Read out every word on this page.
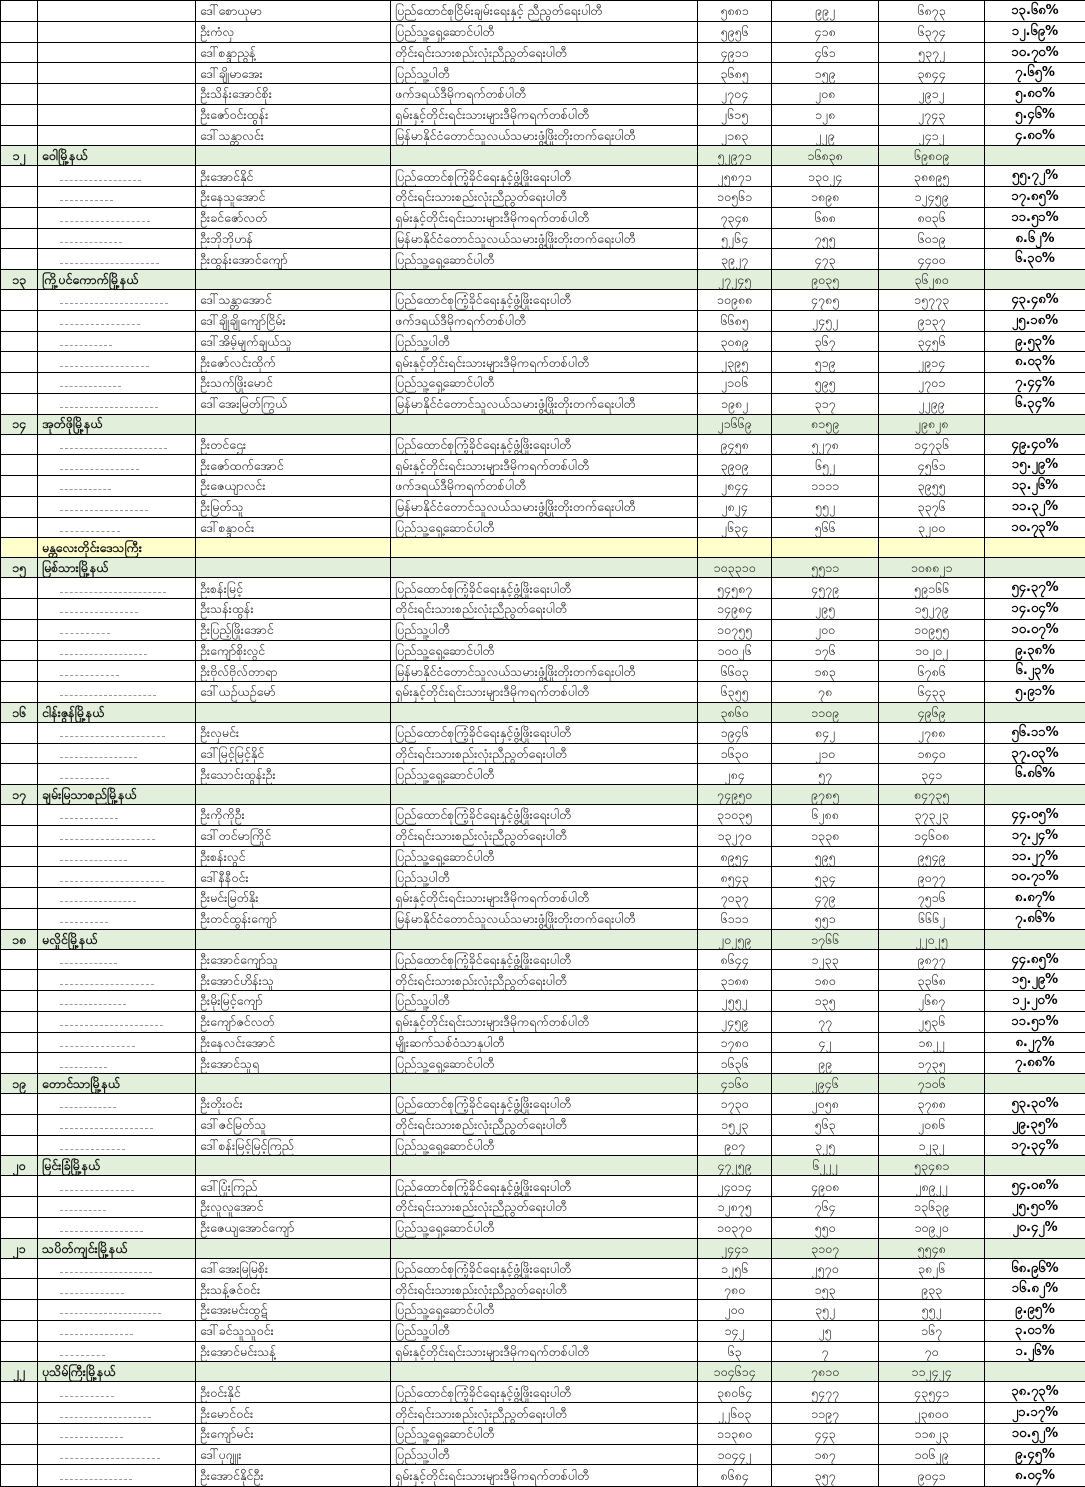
		ဒေါ်စောယုမာ	ပြည်ထောင်စုငြိမ်းချမ်းရေးနှင့် ညီညွတ်ရေးပါတီ	၅၈၈၁	၉၉၂	၆၈၇၃	၁၃.၆၈%
		ဦးကံလှ	ပြည်သူ့ရှေ့ဆောင်ပါတီ	၅၉၅၆	၄၁၈	၆၃၇၄	၁၂.၆၉%
		ဒေါ်စန္ဒာညွန့်	တိုင်းရင်းသားစည်းလုံးညီညွတ်ရေးပါတီ	၄၉၁၁	၄၆၁	၅၃၇၂	၁၀.၇၀%
		ဒေါ်ချိုမာအေး	ပြည်သူ့ပါတီ	၃၆၈၅	၁၅၉	၃၈၄၄	၇.၆၅%
		ဦးသိန်းအောင်စိုး	ဖက်ဒရယ်ဒီမိုကရက်တစ်ပါတီ	၂၇၀၄	၂၀၈	၂၉၁၂	၅.၈၀%
		ဦးဇော်ဝင်းထွန်း	ရှမ်းနှင့်တိုင်းရင်းသားများဒီမိုကရက်တစ်ပါတီ	၂၆၁၅	၁၂၈	၂၇၄၃	၅.၄၆%
		ဒေါ်သန္တာလင်း	မြန်မာနိုင်ငံတောင်သူလယ်သမားဖွံ့ဖြိုးတိုးတက်ရေးပါတီ	၂၁၈၃	၂၂၉	၂၄၁၂	၄.၈၀%
၁၂	ဝေါမြို့နယ်			၅၂၉၇၁	၁၆၈၃၈	၆၉၈၀၉	
		ဦးအောင်နိုင်	ပြည်ထောင်စုကြံ့ခိုင်ရေးနှင့်ဖွံ့ဖြိုးရေးပါတီ	၂၅၈၇၁	၁၃၀၂၄	၃၈၈၉၅	၅၅.၇၂%
		ဦးနေသူအောင်	တိုင်းရင်းသားစည်းလုံးညီညွတ်ရေးပါတီ	၁၀၅၆၁	၁၈၉၈	၁၂၄၅၉	၁၇.၈၅%
		ဦးခင်ဇော်လတ်	ရှမ်းနှင့်တိုင်းရင်းသားများဒီမိုကရက်တစ်ပါတီ	၇၃၄၈	၆၈၈	၈၀၃၆	၁၁.၅၁%
		ဦးဘိုဘိုဟန်	မြန်မာနိုင်ငံတောင်သူလယ်သမားဖွံ့ဖြိုးတိုးတက်ရေးပါတီ	၅၂၆၄	၇၅၅	၆၀၁၉	၈.၆၂%
		ဦးထွန်းအောင်ကျော်	ပြည်သူ့ရှေ့ဆောင်ပါတီ	၃၉၂၇	၄၇၃	၄၄၀၀	၆.၃၀%
၁၃	ကြို့ပင်ကောက်မြို့နယ်			၂၇၂၄၅	၉၀၃၅	၃၆၂၈၀	
		ဒေါ်သန္တာအောင်	ပြည်ထောင်စုကြံ့ခိုင်ရေးနှင့်ဖွံ့ဖြိုးရေးပါတီ	၁၀၉၈၈	၄၇၈၅	၁၅၇၇၃	၄၃.၄၈%
		ဒေါ်ချိုချိုကျော်ငြိမ်း	ဖက်ဒရယ်ဒီမိုကရက်တစ်ပါတီ	၆၆၈၅	၂၄၅၂	၉၁၃၇	၂၅.၁၈%
		ဒေါ်အိမ့်မျက်ချယ်သူ	ပြည်သူ့ပါတီ	၃၀၈၉	၃၆၇	၃၄၅၆	၉.၅၃%
		ဦးဇော်လင်းထိုက်	ရှမ်းနှင့်တိုင်းရင်းသားများဒီမိုကရက်တစ်ပါတီ	၂၃၉၅	၅၁၉	၂၉၁၄	၈.၀၃%
		ဦးသက်ဖြိုးမောင်	ပြည်သူ့ရှေ့ဆောင်ပါတီ	၂၁၀၆	၅၉၅	၂၇၀၁	၇.၄၄%
		ဒေါ်အေးမြတ်ကြွယ်	မြန်မာနိုင်ငံတောင်သူလယ်သမားဖွံ့ဖြိုးတိုးတက်ရေးပါတီ	၁၉၈၂	၃၁၇	၂၂၉၉	၆.၃၄%
၁၄	အုတ်ဖိုမြို့နယ်			၂၁၆၆၉	၈၁၅၉	၂၉၈၂၈	
		ဦးတင်ဌေး	ပြည်ထောင်စုကြံ့ခိုင်ရေးနှင့်ဖွံ့ဖြိုးရေးပါတီ	၉၄၅၈	၅၂၇၈	၁၄၇၃၆	၄၉.၄၀%
		ဦးဇော်ထက်အောင်	ရှမ်းနှင့်တိုင်းရင်းသားများဒီမိုကရက်တစ်ပါတီ	၃၉၀၉	၆၅၂	၄၅၆၁	၁၅.၂၉%
		ဦးဇေယျာလင်း	ဖက်ဒရယ်ဒီမိုကရက်တစ်ပါတီ	၂၈၄၄	၁၁၁၁	၃၉၅၅	၁၃.၂၆%
		ဦးမြတ်သူ	မြန်မာနိုင်ငံတောင်သူလယ်သမားဖွံ့ဖြိုးတိုးတက်ရေးပါတီ	၂၈၂၄	၅၅၂	၃၃၇၆	၁၁.၃၂%
		ဒေါ်စန္ဒာဝင်း	ပြည်သူ့ရှေ့ဆောင်ပါတီ	၂၆၃၄	၅၆၆	၃၂၀၀	၁၀.၇၃%
	မန္တလေးတိုင်းဒေသကြီး						
၁၅	မြစ်သားမြို့နယ်			၁၀၃၃၁၀	၅၅၁၁	၁၀၈၈၂၁	
		ဦးစန်းမြင့်	ပြည်ထောင်စုကြံ့ခိုင်ရေးနှင့်ဖွံ့ဖြိုးရေးပါတီ	၅၄၅၈၇	၄၅၇၉	၅၉၁၆၆	၅၄.၃၇%
		ဦးသန်းထွန်း	တိုင်းရင်းသားစည်းလုံးညီညွတ်ရေးပါတီ	၁၄၉၈၄	၂၉၅	၁၅၂၇၉	၁၄.၀၄%
		ဦးပြည့်ဖြိုးအောင်	ပြည်သူ့ပါတီ	၁၀၇၅၅	၂၀၀	၁၀၉၅၅	၁၀.၀၇%
		ဦးကျော်စိုးလွင်	ပြည်သူ့ရှေ့ဆောင်ပါတီ	၁၀၀၂၆	၁၇၆	၁၀၂၀၂	၉.၃၈%
		ဦးဗိုလ်ဗိုလ်တာရာ	မြန်မာနိုင်ငံတောင်သူလယ်သမားဖွံ့ဖြိုးတိုးတက်ရေးပါတီ	၆၆၀၃	၁၈၃	၆၇၈၆	၆.၂၃%
		ဒေါ်ယဉ်ယဉ်မော်	ရှမ်းနှင့်တိုင်းရင်းသားများဒီမိုကရက်တစ်ပါတီ	၆၃၅၅	၇၈	၆၄၃၃	၅.၉၁%
၁၆	ငါန်းဇွန်မြို့နယ်			၃၈၆၀	၁၁၀၉	၄၉၆၉	
		ဦးလှမင်း	ပြည်ထောင်စုကြံ့ခိုင်ရေးနှင့်ဖွံ့ဖြိုးရေးပါတီ	၁၉၄၆	၈၄၂	၂၇၈၈	၅၆.၁၁%
		ဒေါ်မြင့်မြင့်နိုင်	တိုင်းရင်းသားစည်းလုံးညီညွတ်ရေးပါတီ	၁၆၃၀	၂၁၀	၁၈၄၀	၃၇.၀၃%
		ဦးသောင်းထွန်းဦး	ပြည်သူ့ရှေ့ဆောင်ပါတီ	၂၈၄	၅၇	၃၄၁	၆.၈၆%
၁၇	ချမ်းမြသာစည်မြို့နယ်			၇၄၉၅၀	၉၇၈၅	၈၄၇၃၅	
		ဦးကိုကိုဦး	ပြည်ထောင်စုကြံ့ခိုင်ရေးနှင့်ဖွံ့ဖြိုးရေးပါတီ	၃၁၀၃၅	၆၂၈၈	၃၇၃၂၃	၄၄.၀၅%
		ဒေါ်တင်မာကြိုင်	တိုင်းရင်းသားစည်းလုံးညီညွတ်ရေးပါတီ	၁၃၂၇၀	၁၃၃၈	၁၄၆၀၈	၁၇.၂၄%
		ဦးစန်းလွင်	ပြည်သူ့ရှေ့ဆောင်ပါတီ	၈၉၅၄	၅၉၅	၉၅၄၉	၁၁.၂၇%
		ဒေါ်နီနီဝင်း	ပြည်သူ့ပါတီ	၈၅၄၃	၅၃၄	၉၀၇၇	၁၀.၇၁%
		ဦးမင်းမြတ်နိုး	ရှမ်းနှင့်တိုင်းရင်းသားများဒီမိုကရက်တစ်ပါတီ	၇၀၃၇	၄၇၉	၇၅၁၆	၈.၈၇%
		ဦးတင်ထွန်းကျော်	မြန်မာနိုင်ငံတောင်သူလယ်သမားဖွံ့ဖြိုးတိုးတက်ရေးပါတီ	၆၁၁၁	၅၅၁	၆၆၆၂	၇.၈၆%
၁၈	မလှိုင်မြို့နယ်			၂၀၂၅၉	၁၇၆၆	၂၂၀၂၅	
		ဦးအောင်ကျော်သူ	ပြည်ထောင်စုကြံ့ခိုင်ရေးနှင့်ဖွံ့ဖြိုးရေးပါတီ	၈၆၄၄	၁၂၃၃	၉၈၇၇	၄၄.၈၅%
		ဦးအောင်ဟိန်းသူ	တိုင်းရင်းသားစည်းလုံးညီညွတ်ရေးပါတီ	၃၁၈၈	၁၈၀	၃၃၆၈	၁၅.၂၉%
		ဦးမိုးမြင့်ကျော်	ပြည်သူ့ပါတီ	၂၅၅၂	၁၃၅	၂၆၈၇	၁၂.၂၀%
		ဦးကျော်ဇင်လတ်	ရှမ်းနှင့်တိုင်းရင်းသားများဒီမိုကရက်တစ်ပါတီ	၂၄၅၉	၇၇	၂၅၃၆	၁၁.၅၁%
		ဦးနေလင်းအောင်	မျိုးဆက်သစ်ဝံသာနုပါတီ	၁၇၈၀	၄၂	၁၈၂၂	၈.၂၇%
		ဦးအောင်သူရ	ပြည်သူ့ရှေ့ဆောင်ပါတီ	၁၆၃၆	၉၉	၁၇၃၅	၇.၈၈%
၁၉	တောင်သာမြို့နယ်			၄၁၆၀	၂၉၄၆	၇၁၀၆	
		ဦးတိုးဝင်း	ပြည်ထောင်စုကြံ့ခိုင်ရေးနှင့်ဖွံ့ဖြိုးရေးပါတီ	၁၇၃၀	၂၀၅၈	၃၇၈၈	၅၃.၃၀%
		ဒေါ်ဇင်မြတ်သူ	တိုင်းရင်းသားစည်းလုံးညီညွတ်ရေးပါတီ	၁၅၂၃	၅၆၃	၂၀၈၆	၂၉.၃၅%
		ဒေါ်စန်းမြင့်မြင့်ကြည်	ပြည်သူ့ရှေ့ဆောင်ပါတီ	၉၀၇	၃၂၅	၁၂၃၂	၁၇.၃၄%
၂၀	မြင်းခြံမြို့နယ်			၄၇၂၅၉	၆၂၂၂	၅၃၄၈၁	
		ဒေါ်ပြုံးကြည်	ပြည်ထောင်စုကြံ့ခိုင်ရေးနှင့်ဖွံ့ဖြိုးရေးပါတီ	၂၄၀၁၄	၄၉၀၈	၂၈၉၂၂	၅၄.၀၈%
		ဦးလူလူအောင်	တိုင်းရင်းသားစည်းလုံးညီညွတ်ရေးပါတီ	၁၂၈၇၅	၇၆၄	၁၃၆၃၉	၂၅.၅၀%
		ဦးဇေယျအောင်ကျော်	ပြည်သူ့ရှေ့ဆောင်ပါတီ	၁၀၃၇၀	၅၅၀	၁၀၉၂၀	၂၀.၄၂%
၂၁	သပိတ်ကျင်းမြို့နယ်			၂၄၄၁	၃၁၀၇	၅၅၄၈	
		ဒေါ်အေးမြမြစိုး	ပြည်ထောင်စုကြံ့ခိုင်ရေးနှင့်ဖွံ့ဖြိုးရေးပါတီ	၁၂၅၆	၂၅၇၀	၃၈၂၆	၆၈.၉၆%
		ဦးသန့်ဇင်ဝင်း	တိုင်းရင်းသားစည်းလုံးညီညွတ်ရေးပါတီ	၇၈၀	၁၅၃	၉၃၃	၁၆.၈၂%
		ဦးအေးမင်းထွဋ်	ပြည်သူ့ရှေ့ဆောင်ပါတီ	၂၀၀	၃၅၂	၅၅၂	၉.၉၅%
		ဒေါ်ခင်သူသူဝင်း	ပြည်သူ့ပါတီ	၁၄၂	၂၅	၁၆၇	၃.၀၁%
		ဦးအောင်မင်းသန့်	ရှမ်းနှင့်တိုင်းရင်းသားများဒီမိုကရက်တစ်ပါတီ	၆၃	၇	၇၀	၁.၂၆%
၂၂	ပုသိမ်ကြီးမြို့နယ်			၁၀၄၆၁၄	၇၈၁၀	၁၁၂၄၂၄	
		ဦးဝင်းနိုင်	ပြည်ထောင်စုကြံ့ခိုင်ရေးနှင့်ဖွံ့ဖြိုးရေးပါတီ	၃၈၀၆၄	၅၄၇၇	၄၃၅၄၁	၃၈.၇၃%
		ဦးမောင်ဝင်း	တိုင်းရင်းသားစည်းလုံးညီညွတ်ရေးပါတီ	၂၂၆၀၃	၁၁၉၇	၂၃၈၀၀	၂၁.၁၇%
		ဦးကျော်မင်း	ပြည်သူ့ရှေ့ဆောင်ပါတီ	၁၁၃၈၀	၄၄၃	၁၁၈၂၃	၁၀.၅၂%
		ဒေါ်ပုဂျူး	ပြည်သူ့ပါတီ	၁၀၄၄၂	၁၈၇	၁၀၆၂၉	၉.၄၅%
		ဦးအောင်နိုင်ဦး	ရှမ်းနှင့်တိုင်းရင်းသားများဒီမိုကရက်တစ်ပါတီ	၈၆၈၄	၃၅၇	၉၀၄၁	၈.၀၄%
